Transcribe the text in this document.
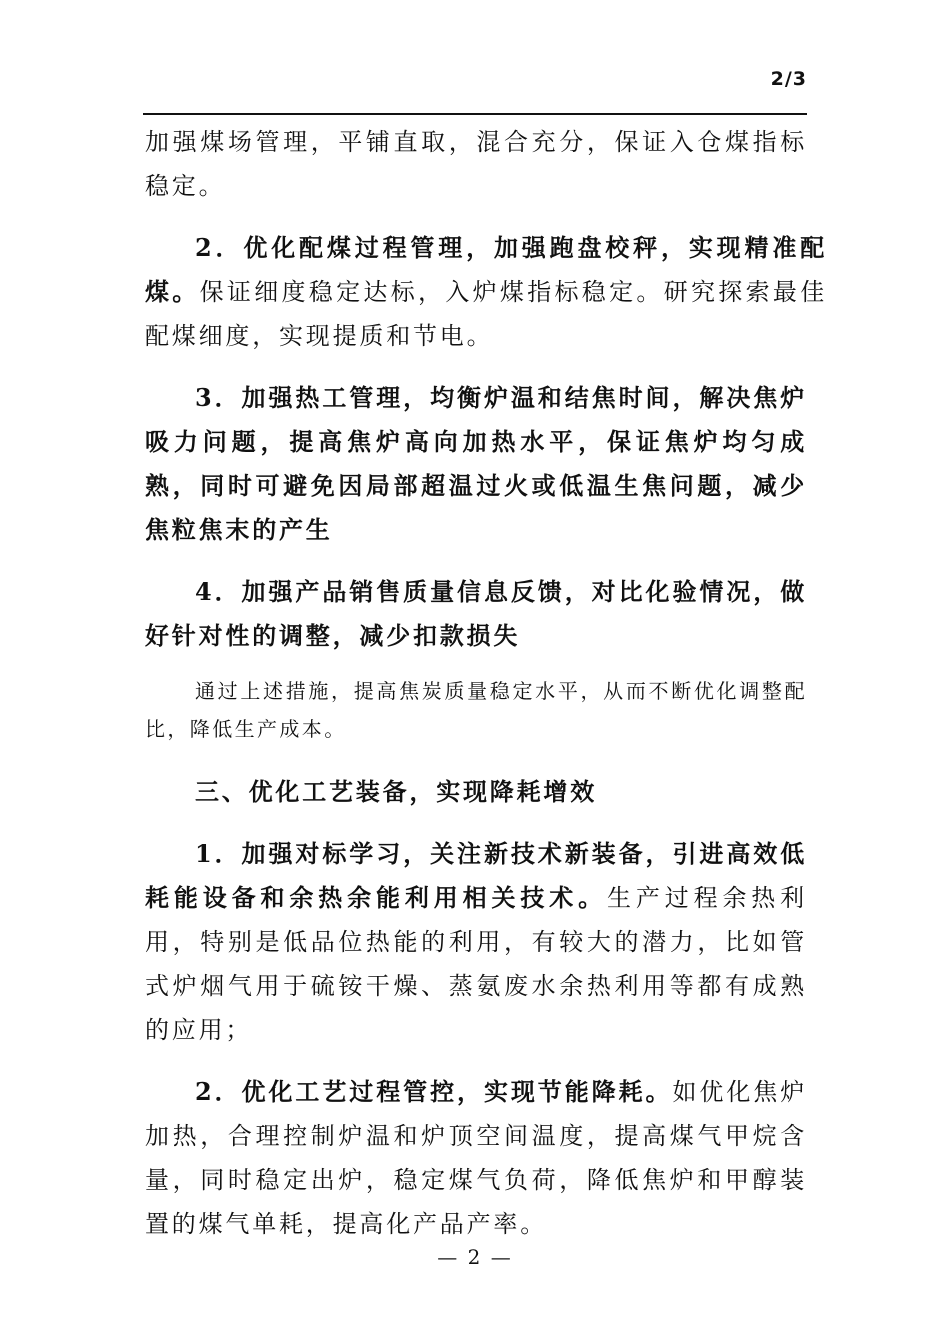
2/3

加强煤场管理，平铺直取，混合充分，保证入仓煤指标稳定。

2．优化配煤过程管理，加强跑盘校秤，实现精准配煤。保证细度稳定达标，入炉煤指标稳定。研究探索最佳配煤细度，实现提质和节电。

3．加强热工管理，均衡炉温和结焦时间，解决焦炉吸力问题，提高焦炉高向加热水平，保证焦炉均匀成熟，同时可避免因局部超温过火或低温生焦问题，减少焦粒焦末的产生

4．加强产品销售质量信息反馈，对比化验情况，做好针对性的调整，减少扣款损失

通过上述措施，提高焦炭质量稳定水平，从而不断优化调整配比，降低生产成本。

三、优化工艺装备，实现降耗增效

1．加强对标学习，关注新技术新装备，引进高效低耗能设备和余热余能利用相关技术。生产过程余热利用，特别是低品位热能的利用，有较大的潜力，比如管式炉烟气用于硫铵干燥、蒸氨废水余热利用等都有成熟的应用；

2．优化工艺过程管控，实现节能降耗。如优化焦炉加热，合理控制炉温和炉顶空间温度，提高煤气甲烷含量，同时稳定出炉，稳定煤气负荷，降低焦炉和甲醇装置的煤气单耗，提高化产品产率。

— 2 —
